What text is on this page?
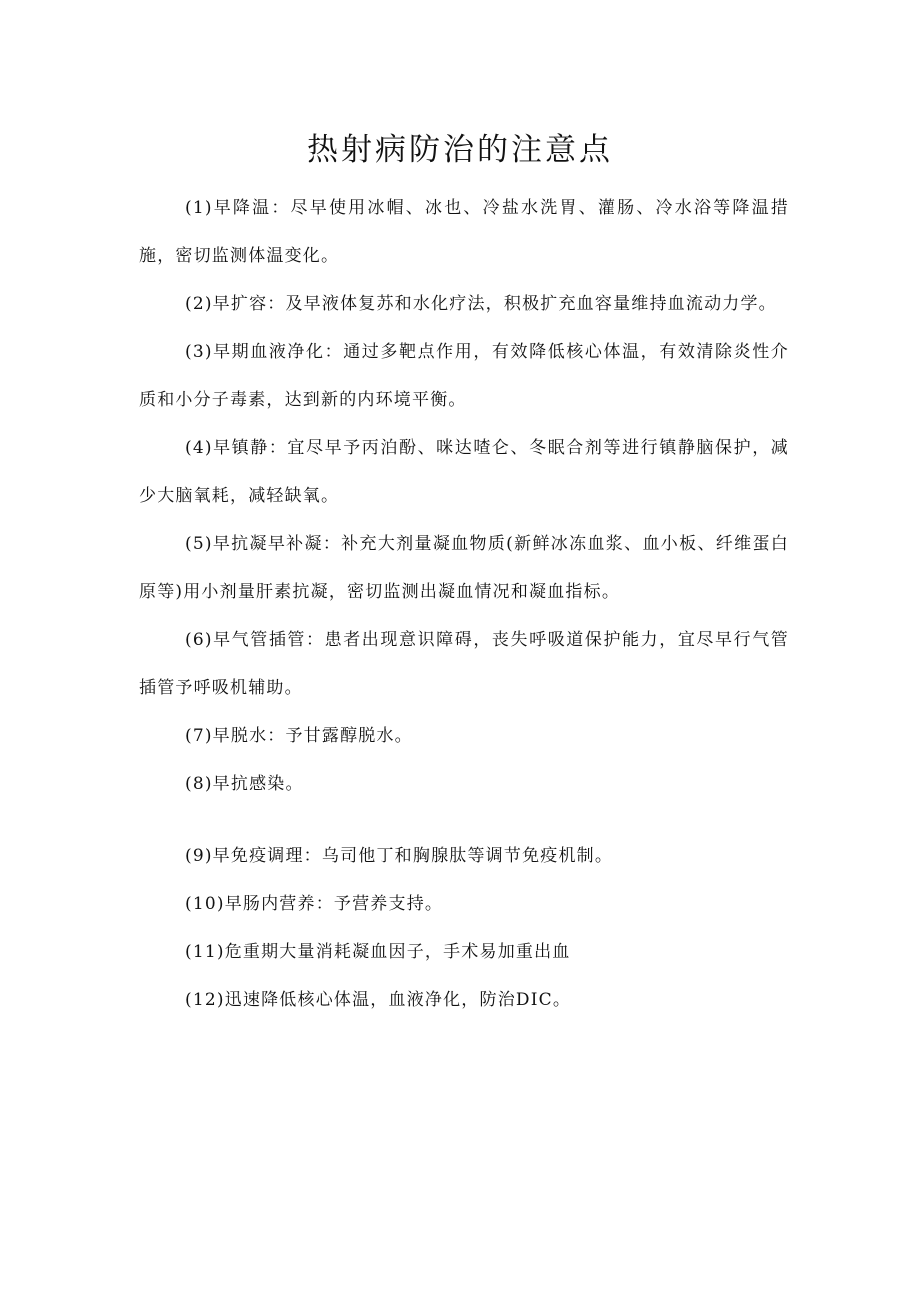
热射病防治的注意点

(1)早降温：尽早使用冰帽、冰也、冷盐水洗胃、灌肠、冷水浴等降温措施，密切监测体温变化。

(2)早扩容：及早液体复苏和水化疗法，积极扩充血容量维持血流动力学。

(3)早期血液净化：通过多靶点作用，有效降低核心体温，有效清除炎性介质和小分子毒素，达到新的内环境平衡。

(4)早镇静：宜尽早予丙泊酚、咪达喳仑、冬眠合剂等进行镇静脑保护，减少大脑氧耗，减轻缺氧。

(5)早抗凝早补凝：补充大剂量凝血物质(新鲜冰冻血浆、血小板、纤维蛋白原等)用小剂量肝素抗凝，密切监测出凝血情况和凝血指标。

(6)早气管插管：患者出现意识障碍，丧失呼吸道保护能力，宜尽早行气管插管予呼吸机辅助。

(7)早脱水：予甘露醇脱水。

(8)早抗感染。

(9)早免疫调理：乌司他丁和胸腺肽等调节免疫机制。

(10)早肠内营养：予营养支持。

(11)危重期大量消耗凝血因子，手术易加重出血

(12)迅速降低核心体温，血液净化，防治DIC。
